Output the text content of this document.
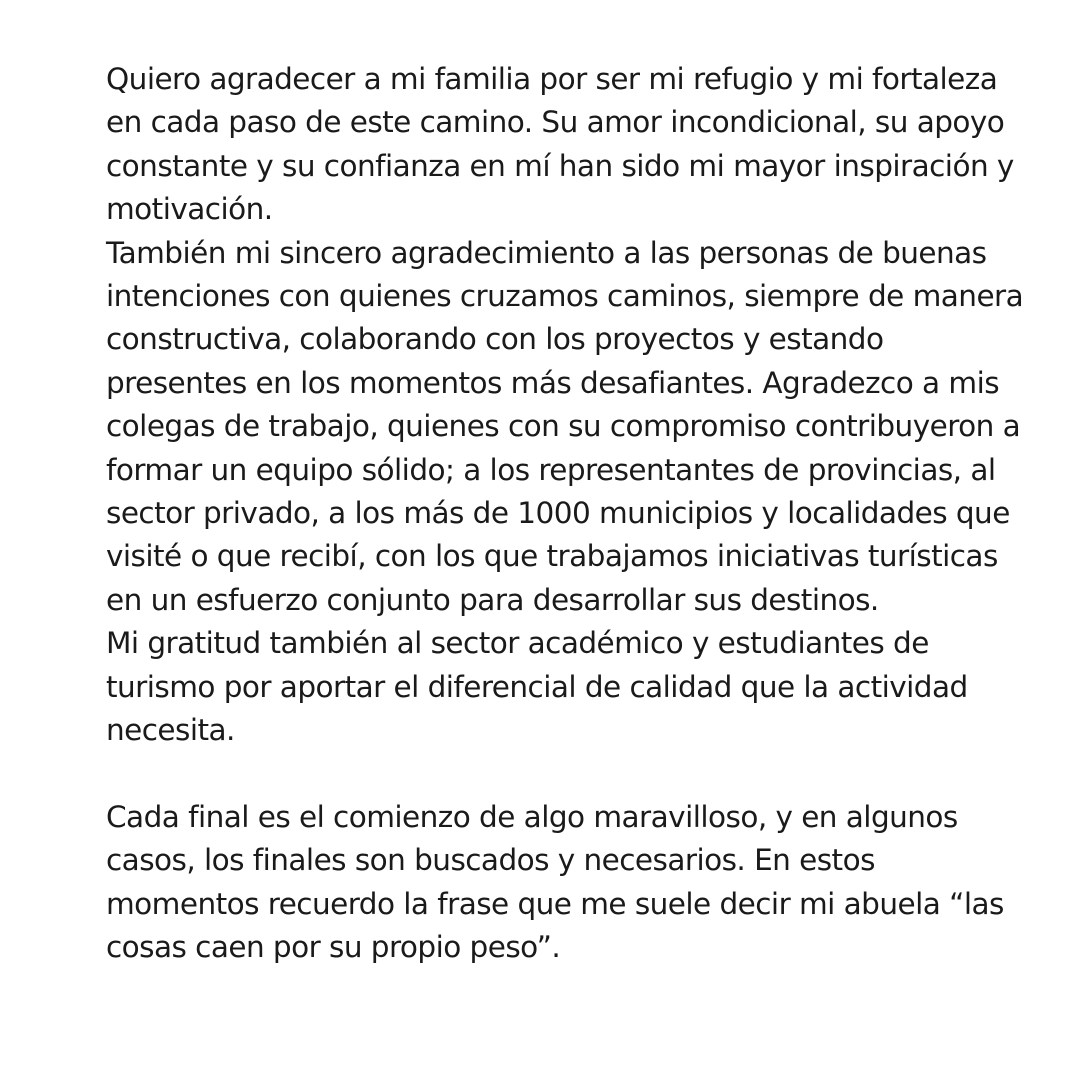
Quiero agradecer a mi familia por ser mi refugio y mi fortaleza en cada paso de este camino. Su amor incondicional, su apoyo constante y su confianza en mí han sido mi mayor inspiración y motivación.

También mi sincero agradecimiento a las personas de buenas intenciones con quienes cruzamos caminos, siempre de manera constructiva, colaborando con los proyectos y estando presentes en los momentos más desafiantes. Agradezco a mis colegas de trabajo, quienes con su compromiso contribuyeron a formar un equipo sólido; a los representantes de provincias, al sector privado, a los más de 1000 municipios y localidades que visité o que recibí, con los que trabajamos iniciativas turísticas en un esfuerzo conjunto para desarrollar sus destinos.

Mi gratitud también al sector académico y estudiantes de turismo por aportar el diferencial de calidad que la actividad necesita.

Cada final es el comienzo de algo maravilloso, y en algunos casos, los finales son buscados y necesarios. En estos momentos recuerdo la frase que me suele decir mi abuela “las cosas caen por su propio peso”.
